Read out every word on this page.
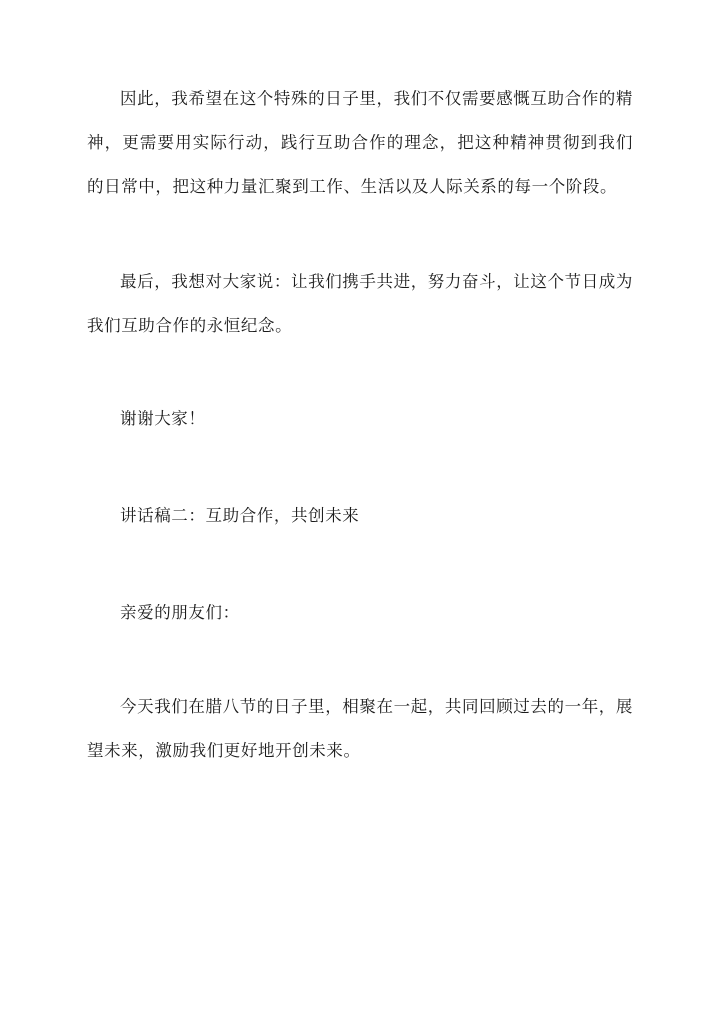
因此，我希望在这个特殊的日子里，我们不仅需要感慨互助合作的精神，更需要用实际行动，践行互助合作的理念，把这种精神贯彻到我们的日常中，把这种力量汇聚到工作、生活以及人际关系的每一个阶段。

最后，我想对大家说：让我们携手共进，努力奋斗，让这个节日成为我们互助合作的永恒纪念。

谢谢大家！

讲话稿二：互助合作，共创未来

亲爱的朋友们：

今天我们在腊八节的日子里，相聚在一起，共同回顾过去的一年，展望未来，激励我们更好地开创未来。
